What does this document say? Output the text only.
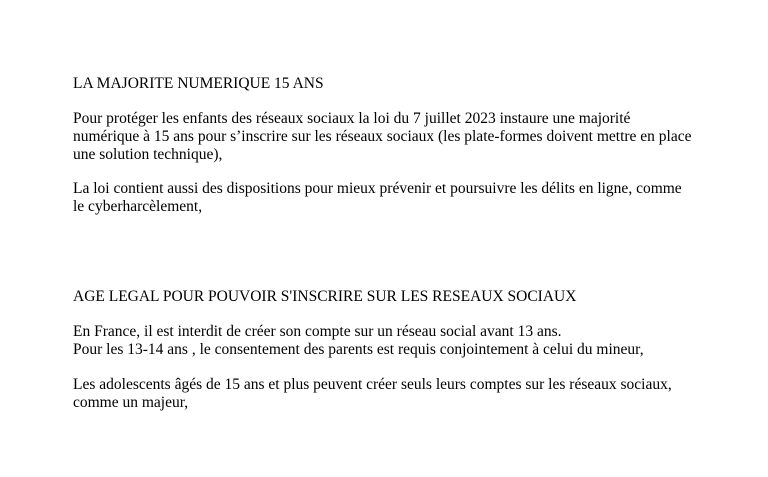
LA MAJORITE NUMERIQUE 15 ANS
Pour protéger les enfants des réseaux sociaux la loi du 7 juillet 2023 instaure une majorité
numérique à 15 ans pour s’inscrire sur les réseaux sociaux (les plate-formes doivent mettre en place
une solution technique),
La loi contient aussi des dispositions pour mieux prévenir et poursuivre les délits en ligne, comme
le cyberharcèlement,
AGE LEGAL POUR POUVOIR S'INSCRIRE SUR LES RESEAUX SOCIAUX
En France, il est interdit de créer son compte sur un réseau social avant 13 ans.
Pour les 13-14 ans , le consentement des parents est requis conjointement à celui du mineur,
Les adolescents âgés de 15 ans et plus peuvent créer seuls leurs comptes sur les réseaux sociaux,
comme un majeur,
